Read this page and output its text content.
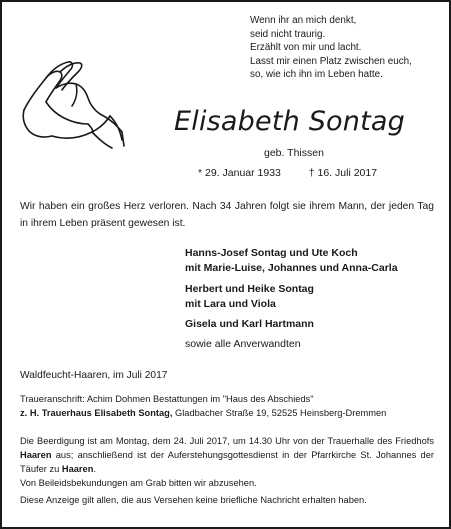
Wenn ihr an mich denkt,
seid nicht traurig.
Erzählt von mir und lacht.
Lasst mir einen Platz zwischen euch,
so, wie ich ihn im Leben hatte.
Elisabeth Sontag
geb. Thissen
* 29. Januar 1933	† 16. Juli 2017
Wir haben ein großes Herz verloren. Nach 34 Jahren folgt sie ihrem Mann, der jeden Tag in ihrem Leben präsent gewesen ist.
Hanns-Josef Sontag und Ute Koch
mit Marie-Luise, Johannes und Anna-Carla
Herbert und Heike Sontag
mit Lara und Viola
Gisela und Karl Hartmann
sowie alle Anverwandten
Waldfeucht-Haaren, im Juli 2017
Traueranschrift: Achim Dohmen Bestattungen im "Haus des Abschieds"
z. H. Trauerhaus Elisabeth Sontag, Gladbacher Straße 19, 52525 Heinsberg-Dremmen
Die Beerdigung ist am Montag, dem 24. Juli 2017, um 14.30 Uhr von der Trauerhalle des Friedhofs Haaren aus; anschließend ist der Auferstehungsgottesdienst in der Pfarrkirche St. Johannes der Täufer zu Haaren.
Von Beileidsbekundungen am Grab bitten wir abzusehen.
Diese Anzeige gilt allen, die aus Versehen keine briefliche Nachricht erhalten haben.
